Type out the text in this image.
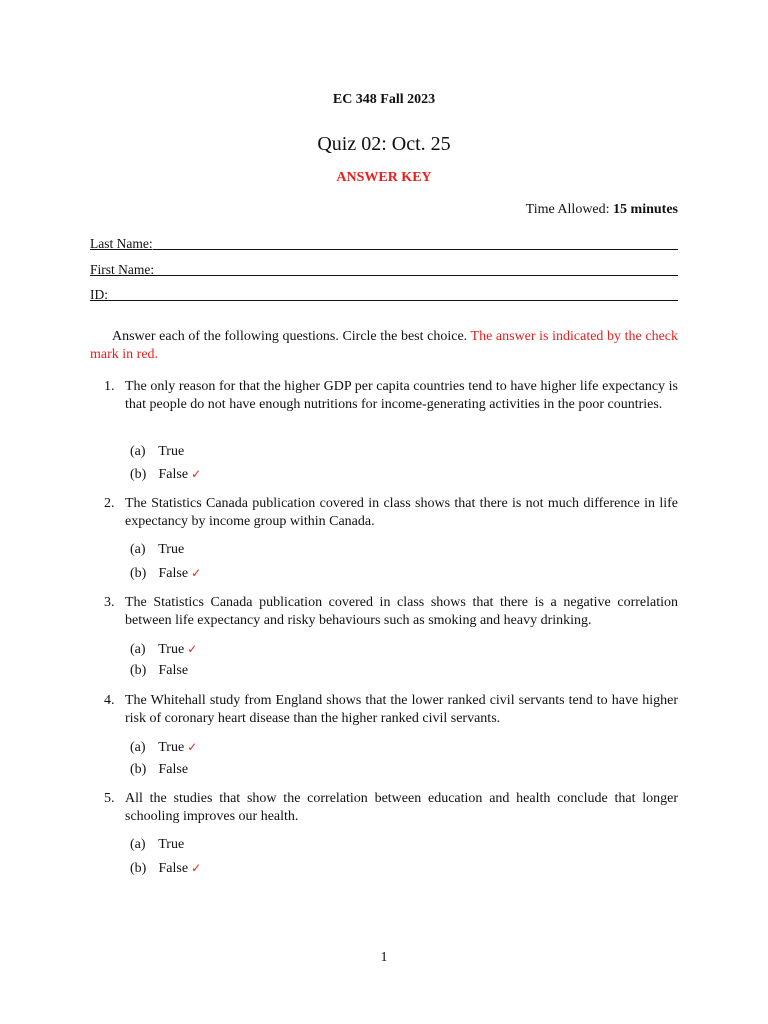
EC 348 Fall 2023
Quiz 02: Oct. 25
ANSWER KEY
Time Allowed: 15 minutes
Last Name:
First Name:
ID:
Answer each of the following questions. Circle the best choice. The answer is indicated by the check mark in red.
1. The only reason for that the higher GDP per capita countries tend to have higher life expectancy is that people do not have enough nutritions for income-generating activities in the poor countries.
(a) True
(b) False ✓
2. The Statistics Canada publication covered in class shows that there is not much difference in life expectancy by income group within Canada.
(a) True
(b) False ✓
3. The Statistics Canada publication covered in class shows that there is a negative correlation between life expectancy and risky behaviours such as smoking and heavy drinking.
(a) True ✓
(b) False
4. The Whitehall study from England shows that the lower ranked civil servants tend to have higher risk of coronary heart disease than the higher ranked civil servants.
(a) True ✓
(b) False
5. All the studies that show the correlation between education and health conclude that longer schooling improves our health.
(a) True
(b) False ✓
1
